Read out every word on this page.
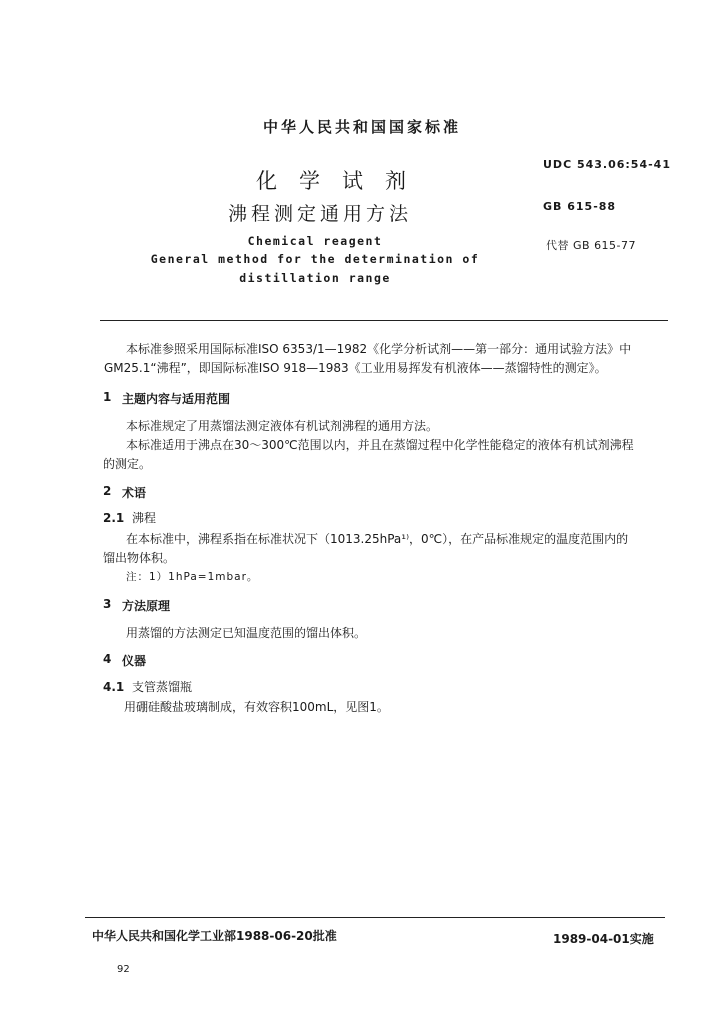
中华人民共和国国家标准
UDC 543.06:54-41
GB 615-88
代替 GB 615-77
化学试剂
沸程测定通用方法
Chemical reagent
General method for the determination of
distillation range
本标准参照采用国际标准ISO 6353/1—1982《化学分析试剂——第一部分：通用试验方法》中
GM25.1“沸程”，即国际标准ISO 918—1983《工业用易挥发有机液体——蒸馏特性的测定》。
1 主题内容与适用范围
本标准规定了用蒸馏法测定液体有机试剂沸程的通用方法。
本标准适用于沸点在30～300℃范围以内，并且在蒸馏过程中化学性能稳定的液体有机试剂沸程
的测定。
2 术语
2.1 沸程
在本标准中，沸程系指在标准状况下（1013.25hPa¹⁾，0℃），在产品标准规定的温度范围内的
馏出物体积。
注：1）1hPa=1mbar。
3 方法原理
用蒸馏的方法测定已知温度范围的馏出体积。
4 仪器
4.1 支管蒸馏瓶
用硼硅酸盐玻璃制成，有效容积100mL，见图1。
中华人民共和国化学工业部1988-06-20批准	1989-04-01实施
92
